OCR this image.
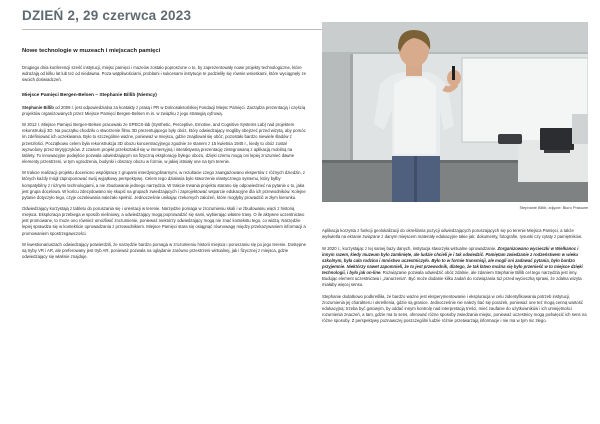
DZIEŃ 2, 29 czerwca 2023
Nowe technologie w muzeach i miejscach pamięci

Drugiego dnia konferencji sześć instytucji, miejsc pamięci i muzeów zostało poproszone o to, by zaprezentowały nowe projekty technologiczne, które wdrażają od kilku lat lub też od niedawna. Poza wątpliwościami, problami i sukcesami instytucje te podzieliły się równie wnioskami, które wyciągnęły ze swoich doświadczeń.

Miejsce Pamięci Bergen-Belsen – Stephanie Billib (Niemcy)

Stephanie Billib od 2009 r. jest odpowiedzialna za kontakty z prasą i PR w Dolnosaksońskiej Fundacji Miejsc Pamięci. Zarządza prezentacją i częścią projektów organizowanych przez Miejsce Pamięci Bergen-Belsen m.in. w związku z jego strategią cyfrową.

W 2012 r. Miejsce Pamięci Bergen-Belsen pracowało ze SPECS-lab (Synthetic, Perceptive, Emotive, and Cognitive Systems Lab) nad projektem rekonstrukcji 3D. Na początku chodziło o stworzenie filmu 3D prezentującego były obóz, który odwiedzający mogliby obejrzeć przed wizytą, aby pomóc im zdefiniować ich oczekiwania. Było to szczególnie ważne, ponieważ w miejscu, gdzie znajdował się obóz, pozostało bardzo niewiele śladów z przeszłości. Początkowo celem była rekonstrukcja 3D obozu koncentracyjnego zgodnie ze stanem z 15 kwietnia 1945 r., kiedy to obóz został wyzwolony przez Brytyjczyków. Z czasem projekt przekształcił się w immersyjną i interaktywną prezentację zintegrowaną z aplikacją mobilną na tablety. To innowacyjne podejście pozwala odwiedzającym na fizyczną eksplorację byłego obozu, dzięki czemu mogą oni lepiej zrozumieć dawne elementy przestrzeni, w tym ogrodzenia, budynki i obszary obozu w formie, w jakiej istniały one na tym terenie.

W trakcie realizacji projektu doceniono współpracę z grupami interdyscyplinarnymi, w rezultacie czego zaangażowano ekspertów z różnych dziedzin, z których każdy mógł zaproponować swój wyjątkowy perspektywę. Celem tego działania było stworzenie elastycznego systemu, który byłby kompatybilny z różnymi technologiami, a nie zbudowanie jednego narzędzia. W trakcie trwania projektu starano się odpowiedzieć na pytanie o to, jaka jest grupa docelowa. W końcu zdecydowano się skupić na grupach zwiedzających i zaprojektować wsparcie edukacyjne dla ich przewodników. Kolejne pytanie dotyczyło tego, czyje oczekiwania należało spełnić. Jednocześnie unikając rzekomych założeń, które mogłyby prowadzić w złym kierunku.

Odwiedzający korzystają z tabletu do poruszania się i orientacji w terenie. Narzędzie pomaga w zrozumieniu skali i w zbudowaniu więzi z historią miejsca. Eksploracja przebiega w sposób nieliniowy, a odwiedzający mogą poprowadzić się sami, wybierając własne trasy. O ile aktywne uczestnictwo jest promowane, to może ono również umożliwić zrozumienie, ponieważ niektórzy odwiedzający mogą nie znać kontekstu tego, co widzą. Narzędzie lepiej sprawdza się w kontekście oprowadzania z przewodnikiem. Miejsce Pamięci stara się osiągnąć równowagę między przekazywaniem informacji a promowaniem spostrzegawczości.

W kwestionariuszach odwiedzający potwierdzili, że narzędzie bardzo pomaga w zrozumieniu historii miejsca i poruszaniu się po jego terenie. Dostępne są tryby VR i AR, ale preferowany jest tryb AR, ponieważ pozwala na oglądanie zarówno przestrzeni wirtualnej, jak i fizycznej z miejsca, gdzie odwiedzający się właśnie znajduje.

Stephanie Billib, zdjęcie: Biuro Prasowe

Aplikacja korzysta z funkcji geolokalizacji do określania pozycji odwiedzających poruszających się po terenie Miejsca Pamięci, a także wyświetla na ekranie związane z danym miejscem materiały edukacyjne takie jak: dokumenty, fotografie, rysunki czy cytaty z pamiętników.

W 2020 r., korzystając z tej samej bazy danych, instytucja stworzyła wirtualne oprowadzanie. Zorganizowano wycieczki w Wielkanoc i innym razem, kiedy muzeum było zamknięte, ale ludzie chcieli je i tak odwiedzić. Pamiętam zwiedzanie z rodzeństwem w wieku szkolnym, była cała rodzina i mnóstwo uczestniczyło. Było to w formie transmisji, ale mogli oni zadawać pytania, było bardzo przyjemnie. Niektórzy nawet zapomnieli, że to jest przewodnik, dlatego, że tak łatwo można się było przenieść w to miejsce dzięki technologii, i było jak on-line. Rozwiązanie pozwala odwiedzić obóz zdalnie, ale zdaniem Stephanie Billib cel tego narzędzia jest inny. Budując element uczestnictwa i „zanurzenia”. Być może dodanie kilku zadań do rozwiązania tuż przed wycieczką sprawi, że zdalna wizyta miałaby więcej sensu.

Stephanie dodatkowo podkreśliła, że bardzo ważne jest eksperymentowanie i eksploracja w celu zidentyfikowania potrzeb instytucji, zrozumienia jej charakteru i określenia, gdzie są granice. Jednocześnie nie należy bać się porażek, ponieważ one też mogą cenną wartość edukacyjną: trzeba być gotowym, by oddać innym kontrolę nad interpretacją treści, mieć zaufanie do użytkowników i ich umiejętności rozumienia znaczeń, a tam, gdzie ma to sens, oferować różne sposoby zwiedzania miejsc, ponieważ uczestnicy mogą poświęcić ich sens na różne sposoby. Z perspektywy poznawczej poszczególni ludzie różnie przetwarzają informacje i nie ma w tym nic złego.
